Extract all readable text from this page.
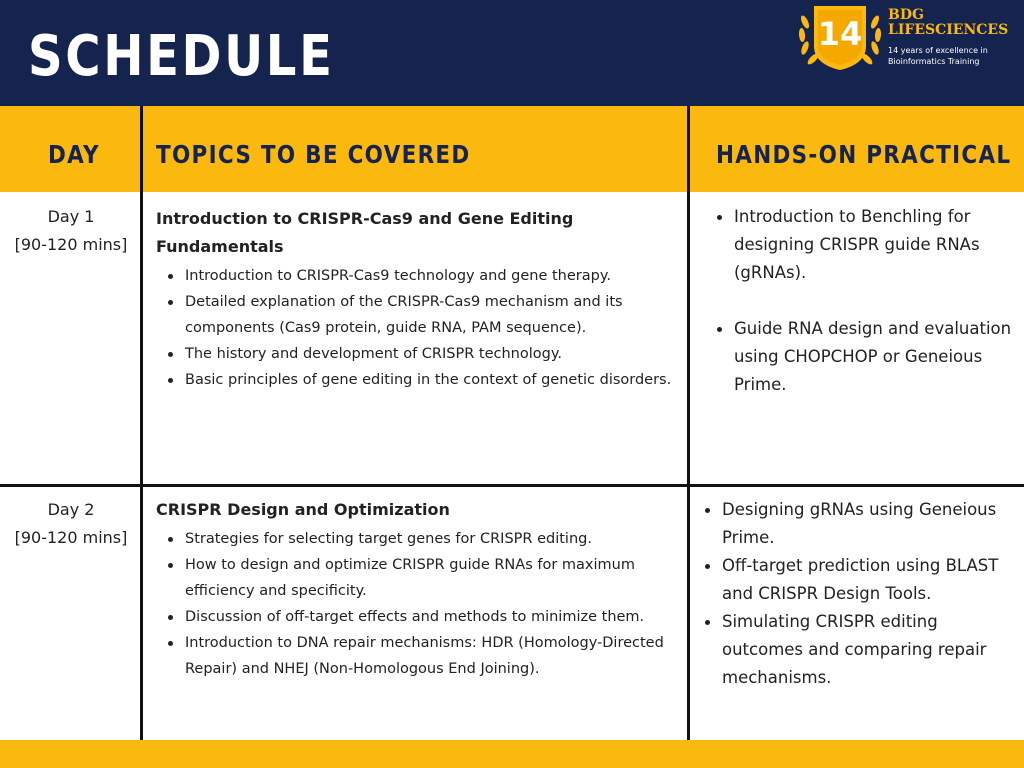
SCHEDULE	14 BDG
LIFESCIENCES
14 years of excellence in
Bioinformatics Training
DAY TOPICS TO BE COVERED	HANDS-ON PRACTICAL
Day 1
[90-120 mins]

Introduction to CRISPR-Cas9 and Gene Editing Fundamentals

Introduction to CRISPR-Cas9 technology and gene therapy.
Detailed explanation of the CRISPR-Cas9 mechanism and its components (Cas9 protein, guide RNA, PAM sequence).
The history and development of CRISPR technology.
Basic principles of gene editing in the context of genetic disorders.
Introduction to Benchling for designing CRISPR guide RNAs (gRNAs).
Guide RNA design and evaluation using CHOPCHOP or Geneious Prime.
Day 2
[90-120 mins]

CRISPR Design and Optimization

Strategies for selecting target genes for CRISPR editing.
How to design and optimize CRISPR guide RNAs for maximum efficiency and specificity.
Discussion of off-target effects and methods to minimize them.
Introduction to DNA repair mechanisms: HDR (Homology-Directed Repair) and NHEJ (Non-Homologous End Joining).
Designing gRNAs using Geneious Prime.
Off-target prediction using BLAST and CRISPR Design Tools.
Simulating CRISPR editing outcomes and comparing repair mechanisms.
